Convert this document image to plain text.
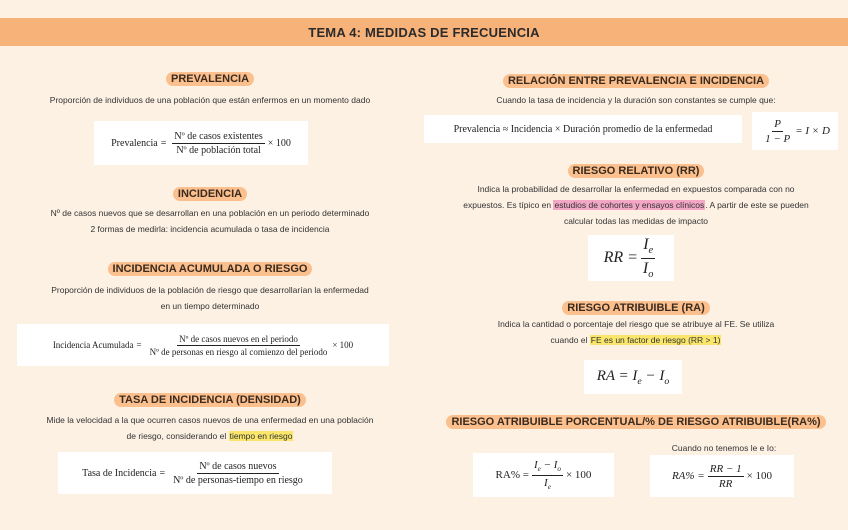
TEMA 4: MEDIDAS DE FRECUENCIA
PREVALENCIA
Proporción de individuos de una población que están enfermos en un momento dado
Prevalencia = $\frac{\text{Nº de casos existentes}}{\text{Nº de población total}} \times 100$
INCIDENCIA
Nº de casos nuevos que se desarrollan en una población en un periodo determinado
2 formas de medirla: incidencia acumulada o tasa de incidencia
INCIDENCIA ACUMULADA O RIESGO
Proporción de individuos de la población de riesgo que desarrollarían la enfermedad
en un tiempo determinado
Incidencia Acumulada = $\frac{\text{Nº de casos nuevos en el periodo}}{\text{Nº de personas en riesgo al comienzo del periodo}} \times 100$
TASA DE INCIDENCIA (DENSIDAD)
Mide la velocidad a la que ocurren casos nuevos de una enfermedad en una población
de riesgo, considerando el tiempo en riesgo
Tasa de Incidencia = $\frac{\text{Nº de casos nuevos}}{\text{Nº de personas-tiempo en riesgo}}$
RELACIÓN ENTRE PREVALENCIA E INCIDENCIA
Cuando la tasa de incidencia y la duración son constantes se cumple que:
Prevalencia ≈ Incidencia × Duración promedio de la enfermedad	$\frac{P}{1 - P} = I \times D$
RIESGO RELATIVO (RR)
Indica la probabilidad de desarrollar la enfermedad en expuestos comparada con no
expuestos. Es típico en estudios de cohortes y ensayos clínicos. A partir de este se pueden
calcular todas las medidas de impacto
RR = $\frac{I_e}{I_o}$
RIESGO ATRIBUIBLE (RA)
Indica la cantidad o porcentaje del riesgo que se atribuye al FE. Se utiliza
cuando el FE es un factor de riesgo (RR > 1)
RA = $I_e - I_o$
RIESGO ATRIBUIBLE PORCENTUAL/% DE RIESGO ATRIBUIBLE(RA%)
Cuando no tenemos le e Io:
$RA\% = \frac{I_e - I_o}{I_e} \times 100$	$RA\% = \frac{RR - 1}{RR} \times 100$
